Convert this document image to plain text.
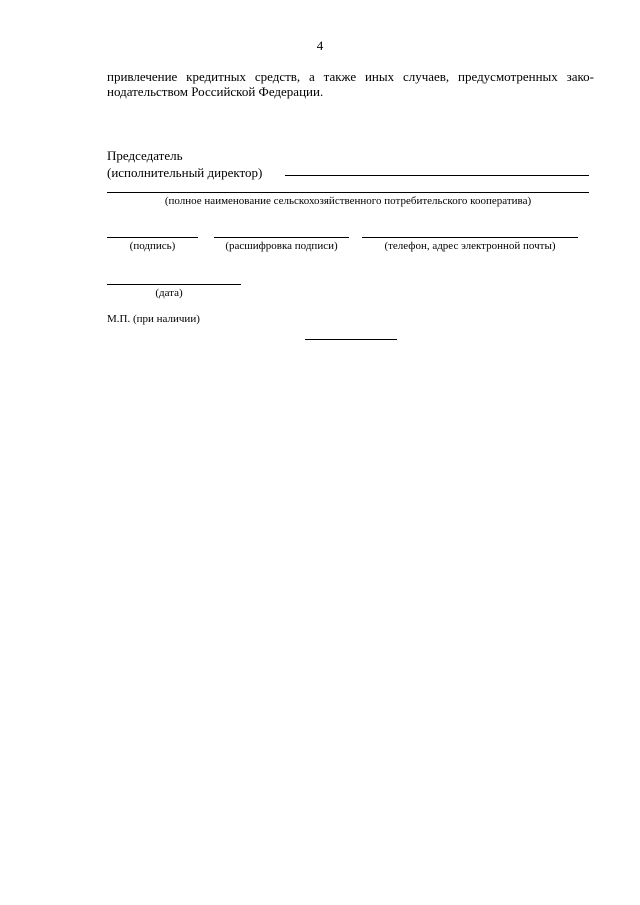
4
привлечение кредитных средств, а также иных случаев, предусмотренных зако-
нодательством Российской Федерации.
Председатель
(исполнительный директор)
(полное наименование сельскохозяйственного потребительского кооператива)
(подпись)	(расшифровка подписи)	(телефон, адрес электронной почты)
(дата)
М.П. (при наличии)
